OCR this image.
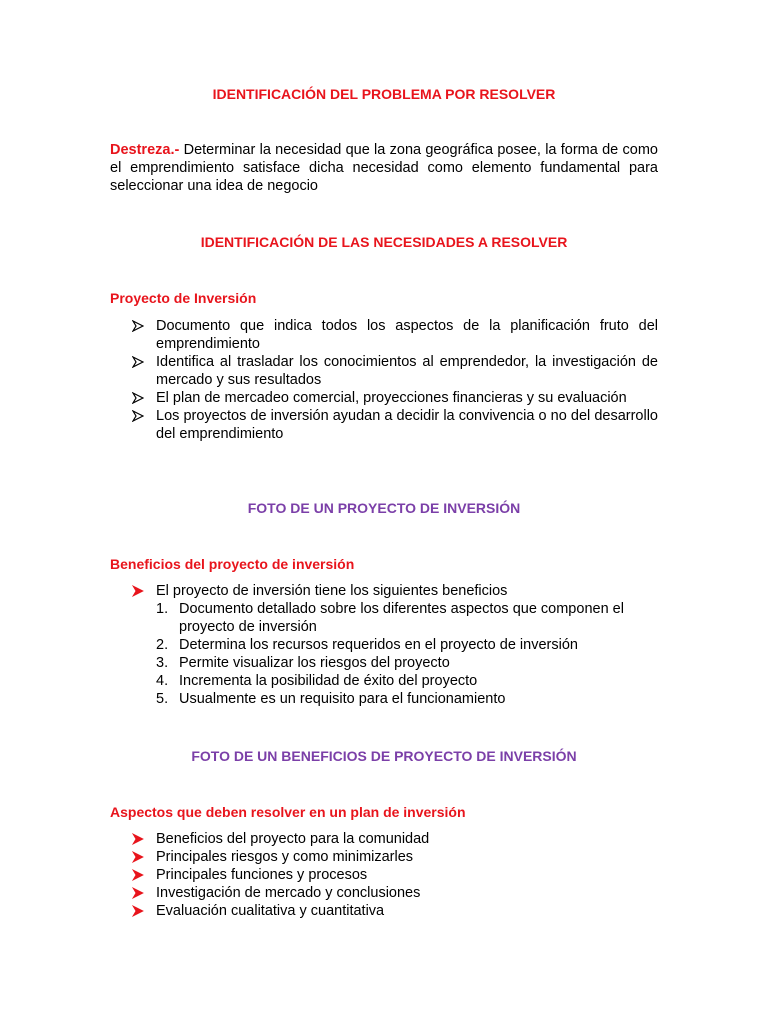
IDENTIFICACIÓN DEL PROBLEMA POR RESOLVER

Destreza.- Determinar la necesidad que la zona geográfica posee, la forma de como el emprendimiento satisface dicha necesidad como elemento fundamental para seleccionar una idea de negocio

IDENTIFICACIÓN DE LAS NECESIDADES A RESOLVER
Proyecto de Inversión
Documento que indica todos los aspectos de la planificación fruto del emprendimiento
Identifica al trasladar los conocimientos al emprendedor, la investigación de mercado y sus resultados
El plan de mercadeo comercial, proyecciones financieras y su evaluación
Los proyectos de inversión ayudan a decidir la convivencia o no del desarrollo del emprendimiento
FOTO DE UN PROYECTO DE INVERSIÓN
Beneficios del proyecto de inversión
El proyecto de inversión tiene los siguientes beneficios
1. Documento detallado sobre los diferentes aspectos que componen el proyecto de inversión
2. Determina los recursos requeridos en el proyecto de inversión
3. Permite visualizar los riesgos del proyecto
4. Incrementa la posibilidad de éxito del proyecto
5. Usualmente es un requisito para el funcionamiento
FOTO DE UN BENEFICIOS DE PROYECTO DE INVERSIÓN
Aspectos que deben resolver en un plan de inversión
Beneficios del proyecto para la comunidad
Principales riesgos y como minimizarles
Principales funciones y procesos
Investigación de mercado y conclusiones
Evaluación cualitativa y cuantitativa
